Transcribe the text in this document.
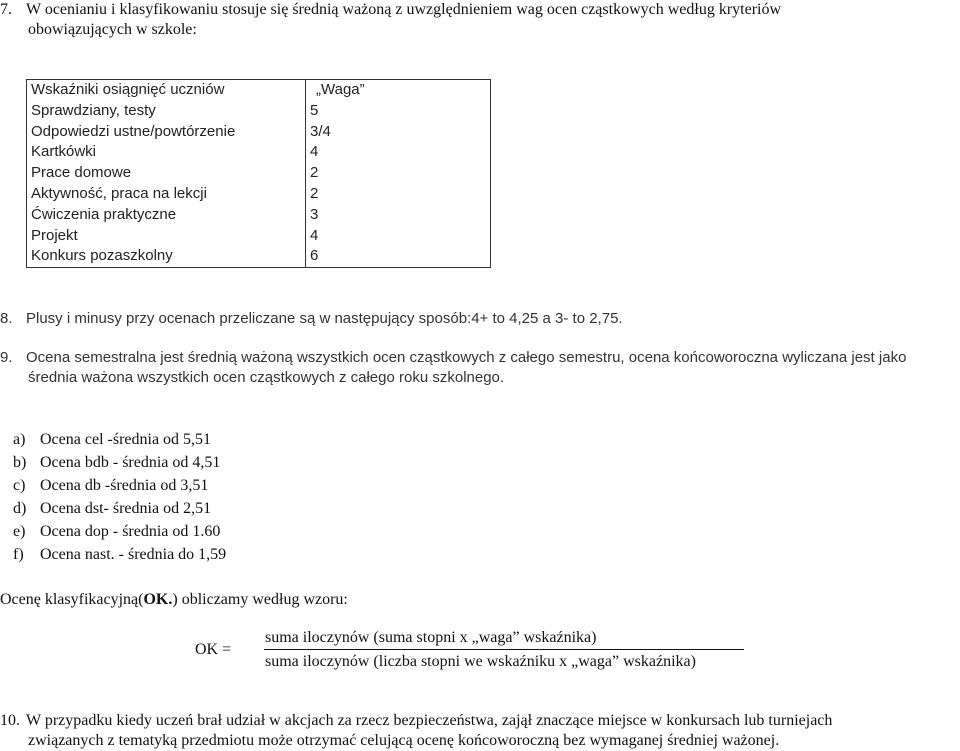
7. W ocenianiu i klasyfikowaniu stosuje się średnią ważoną z uwzględnieniem wag ocen cząstkowych według kryteriów

obowiązujących w szkole:
Wskaźniki osiągnięć uczniów	„Waga”
Sprawdziany, testy	5
Odpowiedzi ustne/powtórzenie	3/4
Kartkówki	4
Prace domowe	2
Aktywność, praca na lekcji	2
Ćwiczenia praktyczne	3
Projekt	4
Konkurs pozaszkolny	6
8. Plusy i minusy przy ocenach przeliczane są w następujący sposób:4+ to 4,25 a 3- to 2,75.
9. Ocena semestralna jest średnią ważoną wszystkich ocen cząstkowych z całego semestru, ocena końcoworoczna wyliczana jest jako

średnia ważona wszystkich ocen cząstkowych z całego roku szkolnego.
a) Ocena cel -średnia od 5,51
b) Ocena bdb - średnia od 4,51
c) Ocena db -średnia od 3,51
d) Ocena dst- średnia od 2,51
e) Ocena dop - średnia od 1.60
f) Ocena nast. - średnia do 1,59
Ocenę klasyfikacyjną(OK.) obliczamy według wzoru:
OK =
suma iloczynów (suma stopni x „waga” wskaźnika)
suma iloczynów (liczba stopni we wskaźniku x „waga” wskaźnika)
10. W przypadku kiedy uczeń brał udział w akcjach za rzecz bezpieczeństwa, zajął znaczące miejsce w konkursach lub turniejach

związanych z tematyką przedmiotu może otrzymać celującą ocenę końcoworoczną bez wymaganej średniej ważonej.
